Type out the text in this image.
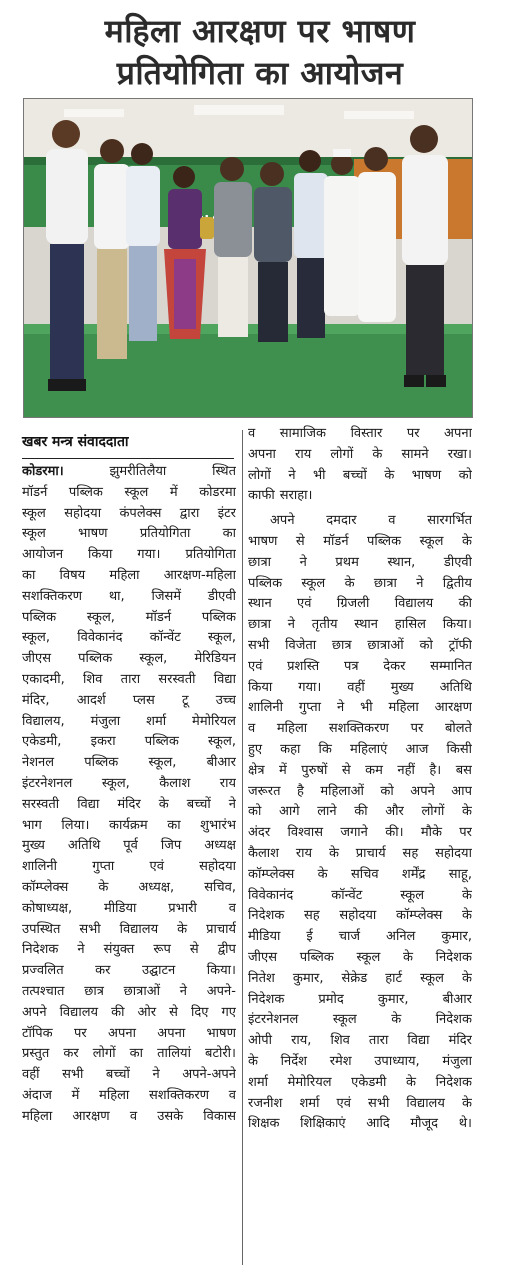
महिला आरक्षण पर भाषण
प्रतियोगिता का आयोजन
खबर मन्त्र संवाददाता
कोडरमा।	झुमरीतिलैया	स्थित
मॉडर्न पब्लिक स्कूल में कोडरमा
स्कूल सहोदया कंपलेक्स द्वारा इंटर
स्कूल भाषण प्रतियोगिता का
आयोजन किया गया। प्रतियोगिता
का विषय महिला आरक्षण-महिला
सशक्तिकरण था, जिसमें डीएवी
पब्लिक स्कूल, मॉडर्न पब्लिक
स्कूल, विवेकानंद कॉन्वेंट स्कूल,
जीएस पब्लिक स्कूल, मेरिडियन
एकादमी, शिव तारा सरस्वती विद्या
मंदिर, आदर्श प्लस टू उच्च
विद्यालय, मंजुला शर्मा मेमोरियल
एकेडमी, इकरा पब्लिक स्कूल,
नेशनल पब्लिक स्कूल, बीआर
इंटरनेशनल स्कूल, कैलाश राय
सरस्वती विद्या मंदिर के बच्चों ने
भाग लिया। कार्यक्रम का शुभारंभ
मुख्य अतिथि पूर्व जिप अध्यक्ष
शालिनी	गुप्ता	एवं	सहोदया
कॉम्प्लेक्स के अध्यक्ष, सचिव,
कोषाध्यक्ष, मीडिया प्रभारी व
उपस्थित सभी विद्यालय के प्राचार्य
निदेशक ने संयुक्त रूप से द्वीप
प्रज्वलित कर उद्घाटन किया।
तत्पश्चात छात्र छात्राओं ने अपने-
अपने विद्यालय की ओर से दिए गए
टॉपिक पर अपना अपना भाषण
प्रस्तुत कर लोगों का तालियां बटोरी।
वहीं सभी बच्चों ने अपने-अपने
अंदाज में महिला सशक्तिकरण व
महिला आरक्षण व उसके विकास
व सामाजिक विस्तार पर अपना
अपना राय लोगों के सामने रखा।
लोगों ने भी बच्चों के भाषण को
काफी सराहा।
अपने दमदार व सारगर्भित
भाषण से मॉडर्न पब्लिक स्कूल के
छात्रा ने प्रथम स्थान, डीएवी
पब्लिक स्कूल के छात्रा ने द्वितीय
स्थान एवं ग्रिजली विद्यालय की
छात्रा ने तृतीय स्थान हासिल किया।
सभी विजेता छात्र छात्राओं को ट्रॉफी
एवं प्रशस्ति पत्र देकर सम्मानित
किया गया। वहीं मुख्य अतिथि
शालिनी गुप्ता ने भी महिला आरक्षण
व महिला सशक्तिकरण पर बोलते
हुए कहा कि महिलाएं आज किसी
क्षेत्र में पुरुषों से कम नहीं है। बस
जरूरत है महिलाओं को अपने आप
को आगे लाने की और लोगों के
अंदर विश्वास जगाने की। मौके पर
कैलाश राय के प्राचार्य सह सहोदया
कॉम्प्लेक्स के सचिव शर्मेंद्र साहू,
विवेकानंद	कॉन्वेंट	स्कूल	के
निदेशक सह सहोदया कॉम्प्लेक्स के
मीडिया ई चार्ज अनिल कुमार,
जीएस पब्लिक स्कूल के निदेशक
नितेश कुमार, सेक्रेड हार्ट स्कूल के
निदेशक	प्रमोद	कुमार,	बीआर
इंटरनेशनल	स्कूल	के	निदेशक
ओपी राय, शिव तारा विद्या मंदिर
के निर्देश रमेश उपाध्याय, मंजुला
शर्मा मेमोरियल एकेडमी के निदेशक
रजनीश शर्मा एवं सभी विद्यालय के
शिक्षक शिक्षिकाएं आदि मौजूद थे।
